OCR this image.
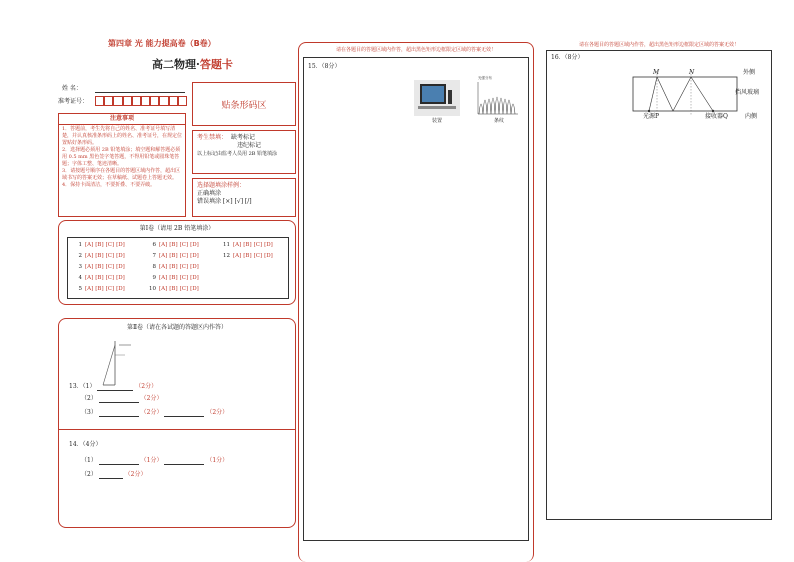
第四章 光 能力提高卷（B卷）
高二物理·答题卡
姓 名：
准考证号：	贴条形码区
注意事项
1．答题前，考生先将自己的姓名、准考证号填写清楚，并认真核准条形码上的姓名、准考证号，在规定位置贴好条形码。
2．选择题必须用 2B 铅笔填涂；填空题和解答题必须用 0.5 mm 黑色签字笔答题，不得用铅笔或圆珠笔答题；字体工整、笔迹清晰。
3．请按题号顺序在各题目的答题区域内作答，超出区域书写的答案无效；在草稿纸、试题卷上答题无效。
4．保持卡面清洁，不要折叠、不要弄破。
考生禁填： 缺考标记
违纪标记
以上标记由监考人员用 2B 铅笔填涂
选择题填涂样例：
正确填涂
错误填涂 [×] [√] [/]
第Ⅰ卷（请用 2B 铅笔填涂）
1 [A] [B] [C] [D]
2 [A] [B] [C] [D]
3 [A] [B] [C] [D]
4 [A] [B] [C] [D]
5 [A] [B] [C] [D]
6 [A] [B] [C] [D]
7 [A] [B] [C] [D]
8 [A] [B] [C] [D]
9 [A] [B] [C] [D]
10 [A] [B] [C] [D]
11 [A] [B] [C] [D]
12 [A] [B] [C] [D]
第Ⅱ卷（请在各试题的答题区内作答）
13．（1）	（2分）
（2）	（2分）
（3）	（2分）	（2分）
14．（4分）
（1）	（1分）	（1分）
（2）	（2分）
请在各题目的答题区域内作答，超出黑色矩形边框限定区域的答案无效！
15．（8分）
装置
光强分布
条纹
请在各题目的答题区域内作答，超出黑色矩形边框限定区域的答案无效！
16．（8分）
M	N	外侧
挡风玻璃
内侧
光源P	接收器Q
